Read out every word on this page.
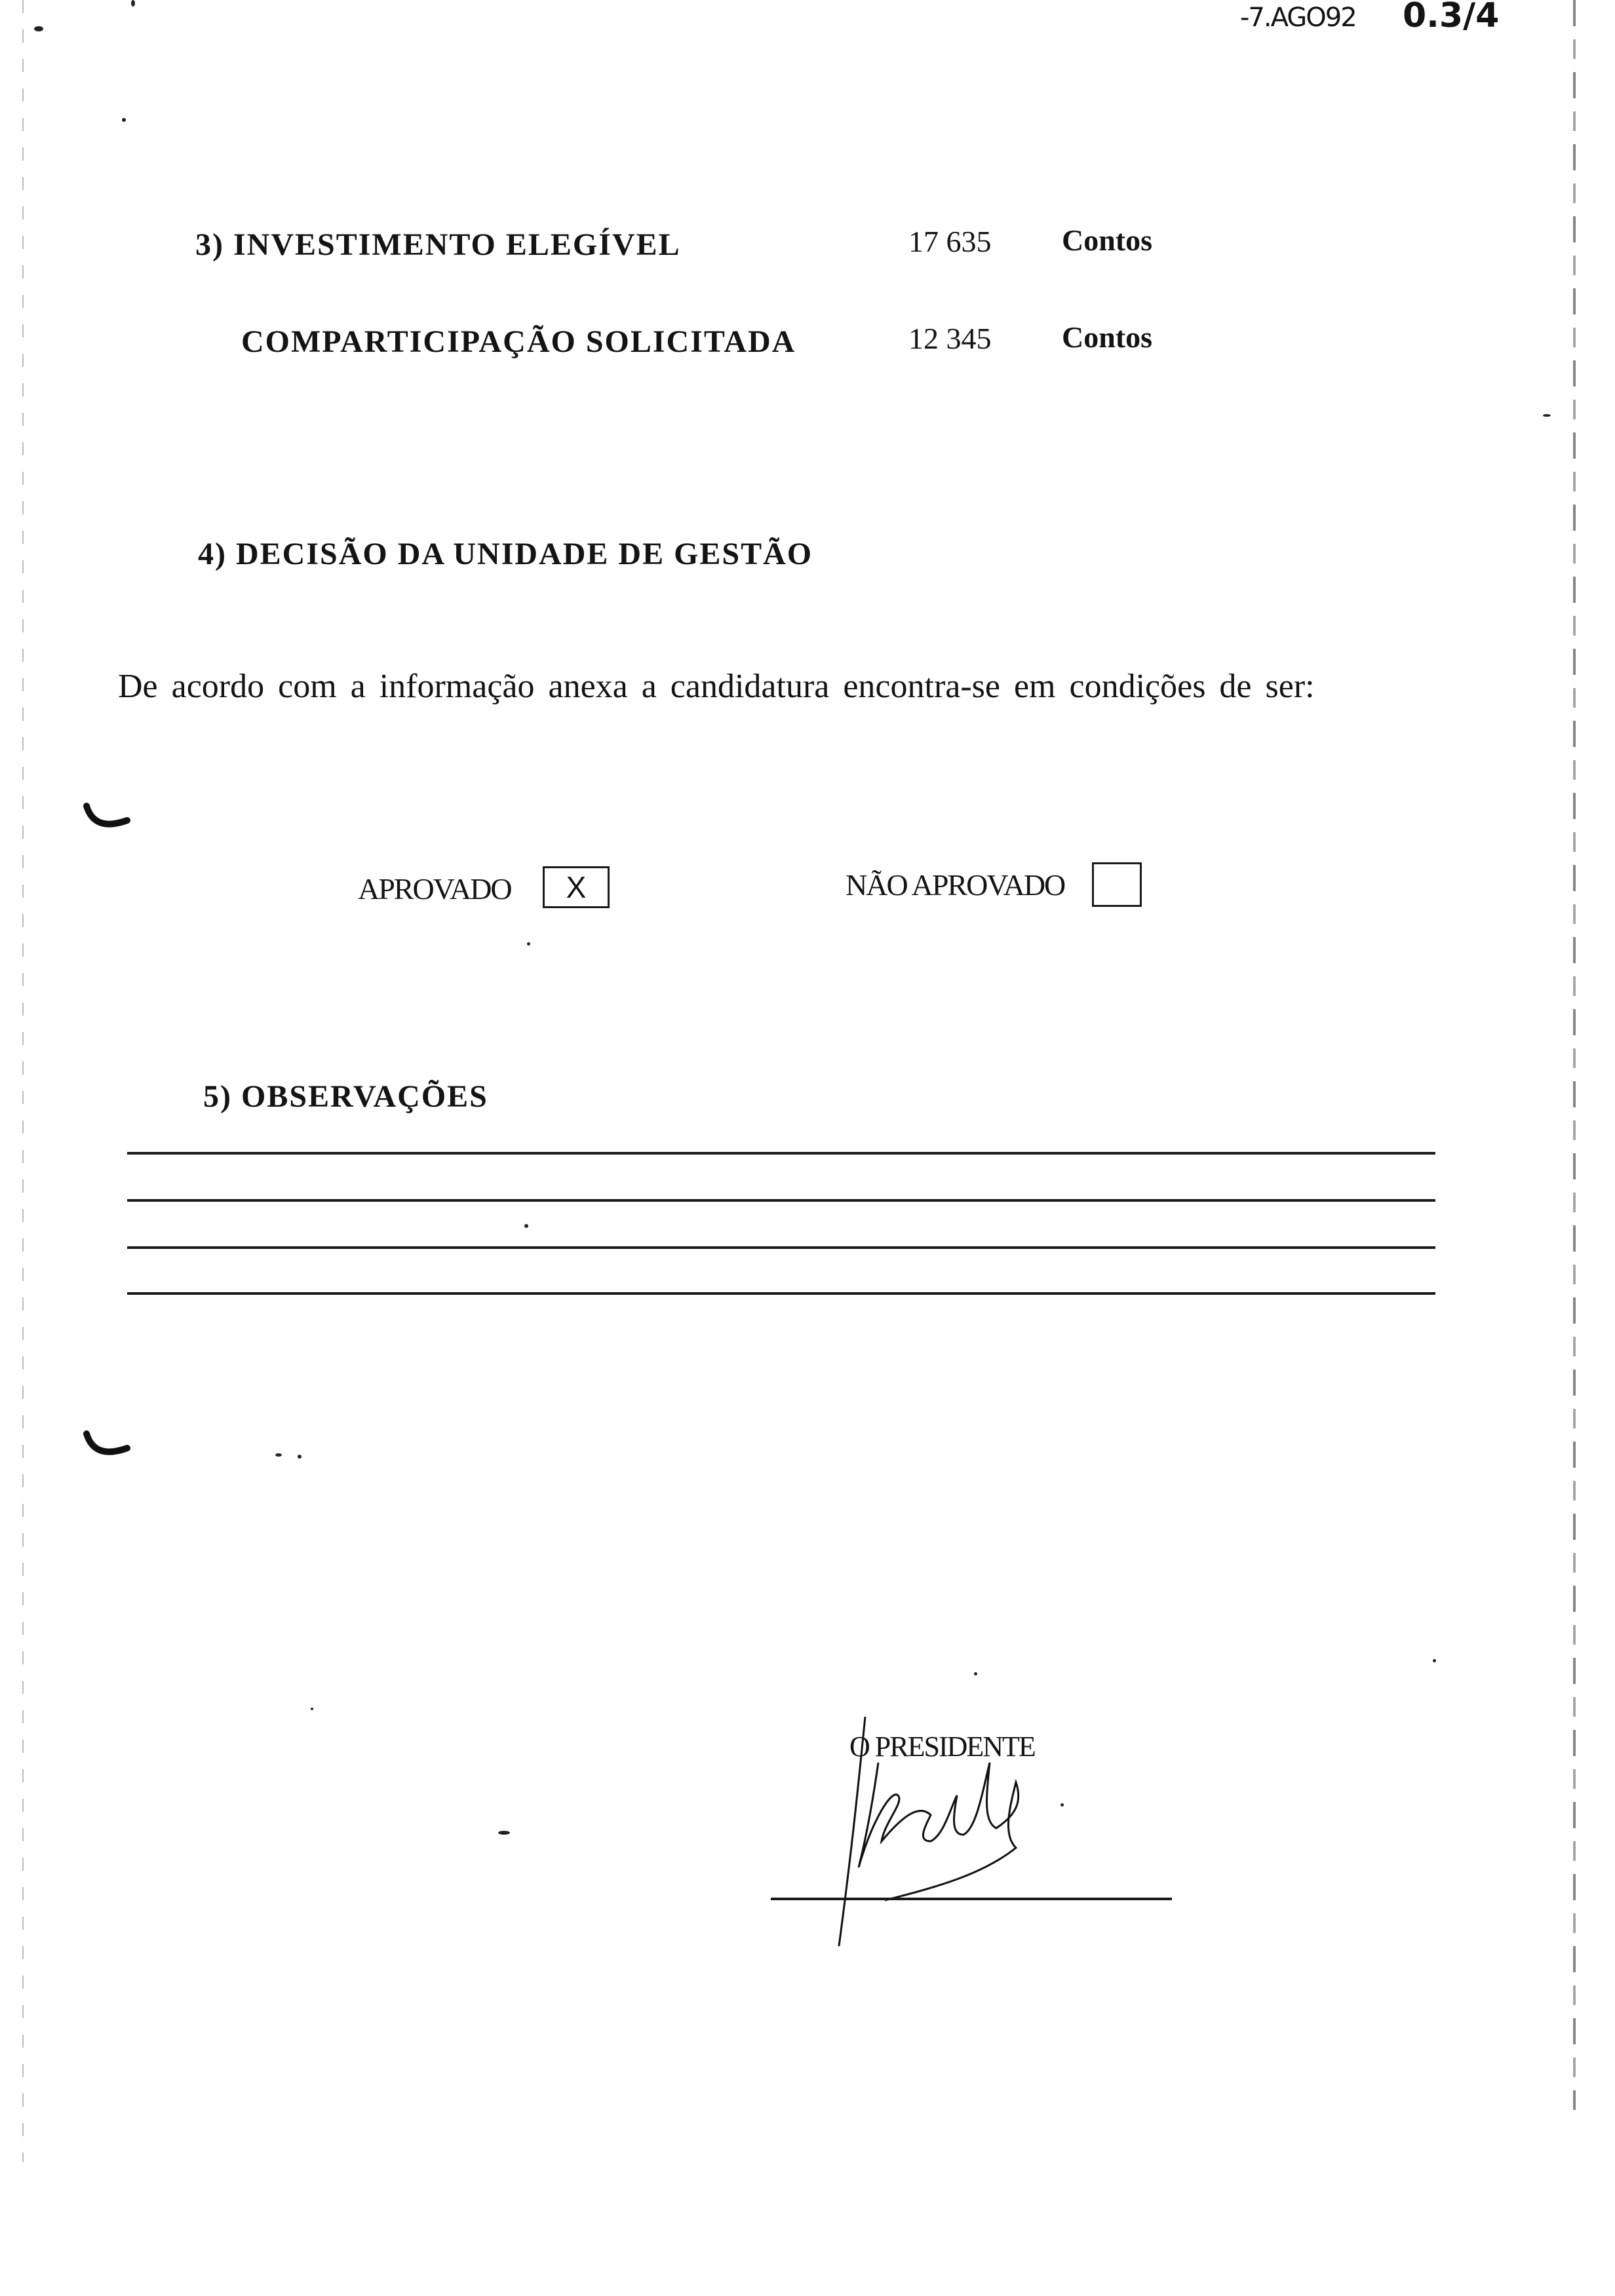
-7.AGO92 0.3/4
3) INVESTIMENTO ELEGÍVEL	17 635 Contos
COMPARTICIPAÇÃO SOLICITADA	12 345 Contos
4) DECISÃO DA UNIDADE DE GESTÃO
De acordo com a informação anexa a candidatura encontra-se em condições de ser:
APROVADO	X	NÃO APROVADO
5) OBSERVAÇÕES
O PRESIDENTE
